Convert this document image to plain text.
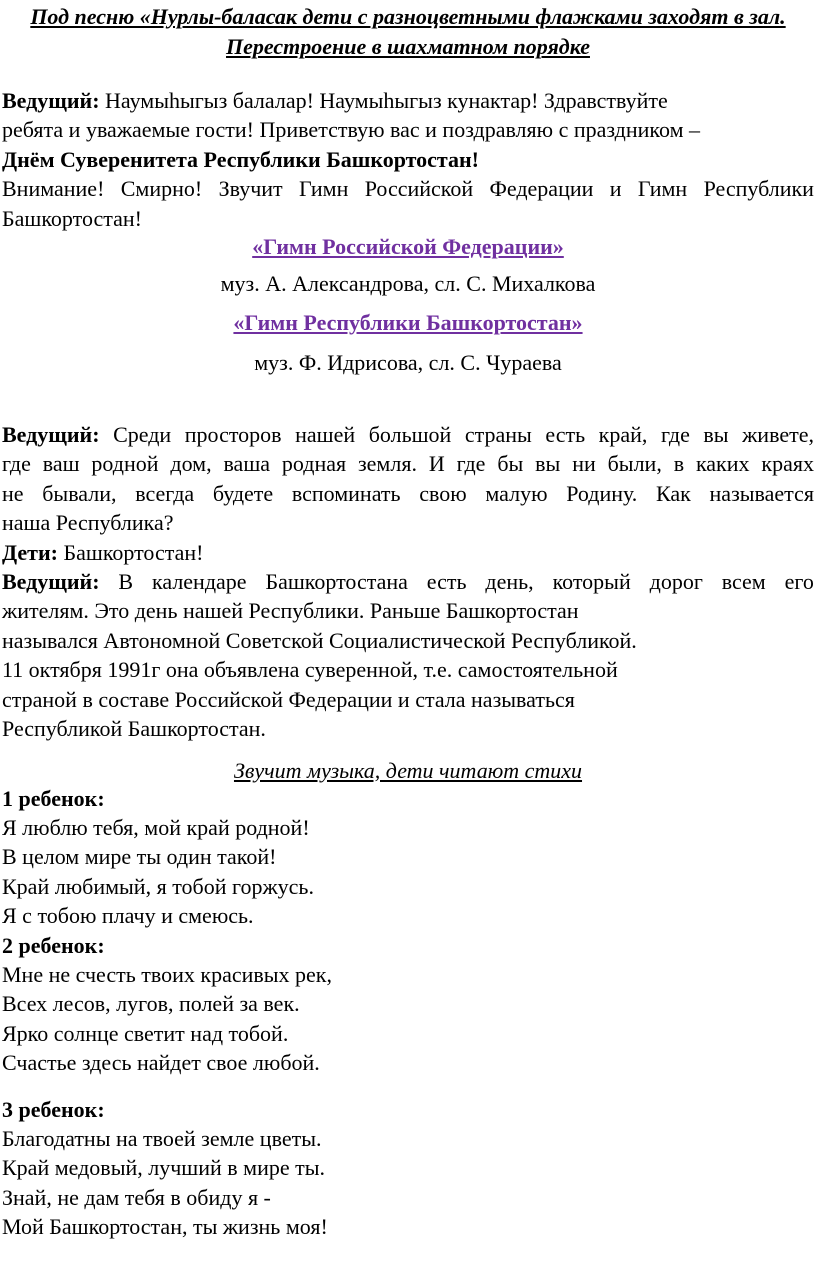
Под песню «Нурлы-баласак дети с разноцветными флажками заходят в зал.
Перестроение в шахматном порядке
Ведущий: Наумыһыгыз балалар! Наумыһыгыз кунактар! Здравствуйте
ребята и уважаемые гости! Приветствую вас и поздравляю с праздником –
Днём Суверенитета Республики Башкортостан!
Внимание! Смирно! Звучит Гимн Российской Федерации и Гимн Республики
Башкортостан!
«Гимн Российской Федерации»
муз. А. Александрова, сл. С. Михалкова
«Гимн Республики Башкортостан»
муз. Ф. Идрисова, сл. С. Чураева
Ведущий: Среди просторов нашей большой страны есть край, где вы живете,
где ваш родной дом, ваша родная земля. И где бы вы ни были, в каких краях
не бывали, всегда будете вспоминать свою малую Родину. Как называется
наша Республика?
Дети: Башкортостан!
Ведущий: В календаре Башкортостана есть день, который дорог всем его
жителям. Это день нашей Республики. Раньше Башкортостан
назывался Автономной Советской Социалистической Республикой.
11 октября 1991г она объявлена суверенной, т.е. самостоятельной
страной в составе Российской Федерации и стала называться
Республикой Башкортостан.
Звучит музыка, дети читают стихи
1 ребенок:
Я люблю тебя, мой край родной!
В целом мире ты один такой!
Край любимый, я тобой горжусь.
Я с тобою плачу и смеюсь.
2 ребенок:
Мне не счесть твоих красивых рек,
Всех лесов, лугов, полей за век.
Ярко солнце светит над тобой.
Счастье здесь найдет свое любой.
3 ребенок:
Благодатны на твоей земле цветы.
Край медовый, лучший в мире ты.
Знай, не дам тебя в обиду я -
Мой Башкортостан, ты жизнь моя!
